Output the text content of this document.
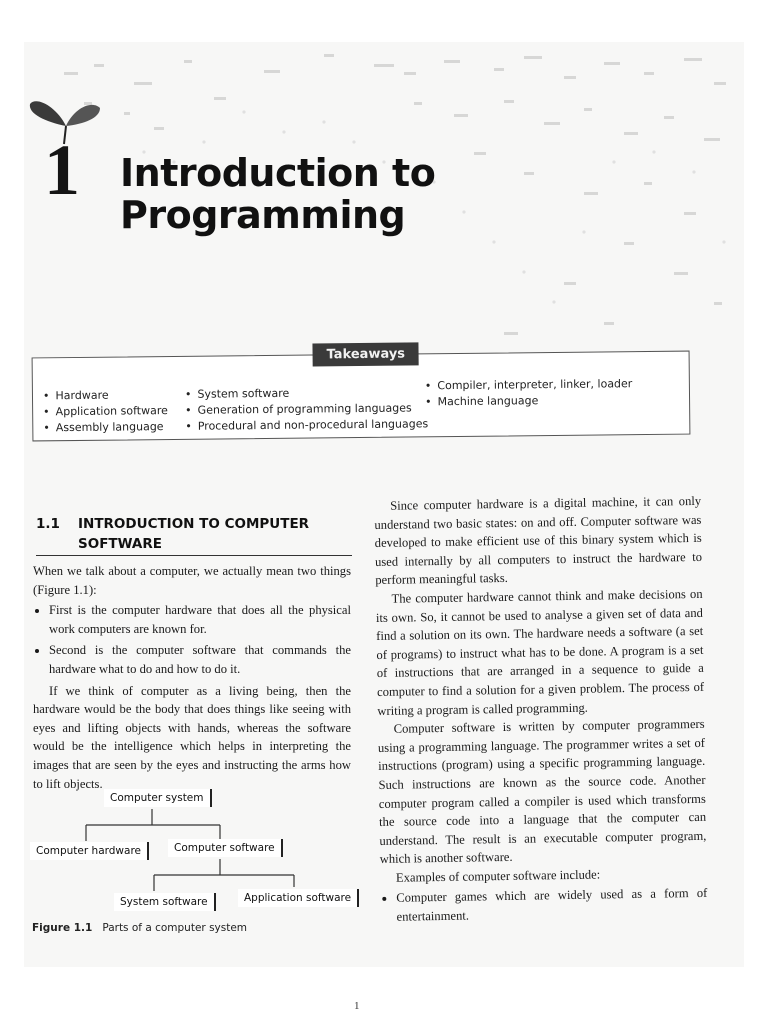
1 Introduction to
Programming
Takeaways
• Hardware
• Application software
• Assembly language
• System software
• Generation of programming languages
• Procedural and non-procedural languages
• Compiler, interpreter, linker, loader
• Machine language
1.1 INTRODUCTION TO COMPUTER
SOFTWARE

When we talk about a computer, we actually mean two things (Figure 1.1):

• First is the computer hardware that does all the physical work computers are known for.
• Second is the computer software that commands the hardware what to do and how to do it.

If we think of computer as a living being, then the hardware would be the body that does things like seeing with eyes and lifting objects with hands, whereas the software would be the intelligence which helps in interpreting the images that are seen by the eyes and instructing the arms how to lift objects.

Computer system
Computer hardware	Computer software
System software	Application software
Figure 1.1 Parts of a computer system

Since computer hardware is a digital machine, it can only understand two basic states: on and off. Computer software was developed to make efficient use of this binary system which is used internally by all computers to instruct the hardware to perform meaningful tasks.

The computer hardware cannot think and make decisions on its own. So, it cannot be used to analyse a given set of data and find a solution on its own. The hardware needs a software (a set of programs) to instruct what has to be done. A program is a set of instructions that are arranged in a sequence to guide a computer to find a solution for a given problem. The process of writing a program is called programming.

Computer software is written by computer programmers using a programming language. The programmer writes a set of instructions (program) using a specific programming language. Such instructions are known as the source code. Another computer program called a compiler is used which transforms the source code into a language that the computer can understand. The result is an executable computer program, which is another software.

Examples of computer software include:

• Computer games which are widely used as a form of entertainment.
1
